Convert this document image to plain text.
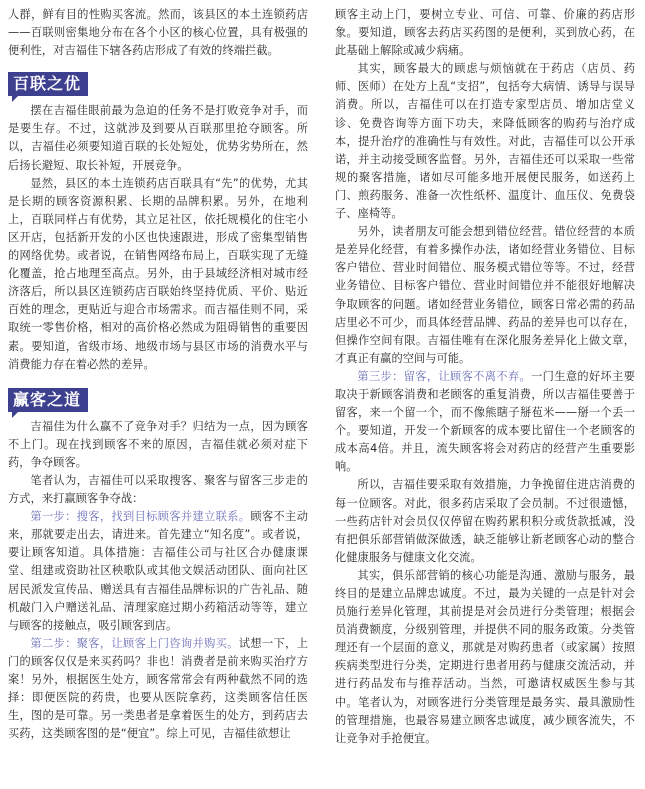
人群，鲜有目的性购买客流。然而，该县区的本土连锁药店——百联则密集地分布在各个小区的核心位置，具有极强的便利性，对吉福佳下辖各药店形成了有效的终端拦截。

百联之优

摆在吉福佳眼前最为急迫的任务不是打败竞争对手，而是要生存。不过，这就涉及到要从百联那里抢夺顾客。所以，吉福佳必须要知道百联的长处短处，优势劣势所在，然后扬长避短、取长补短，开展竞争。

显然，县区的本土连锁药店百联具有“先”的优势，尤其是长期的顾客资源积累、长期的品牌积累。另外，在地利上，百联同样占有优势，其立足社区，依托规模化的住宅小区开店，包括新开发的小区也快速跟进，形成了密集型销售的网络优势。或者说，在销售网络布局上，百联实现了无缝化覆盖，抢占地理至高点。另外，由于县域经济相对城市经济落后，所以县区连锁药店百联始终坚持优质、平价、贴近百姓的理念，更贴近与迎合市场需求。而吉福佳则不同，采取统一零售价格，相对的高价格必然成为阻碍销售的重要因素。要知道，省级市场、地级市场与县区市场的消费水平与消费能力存在着必然的差异。

赢客之道

吉福佳为什么赢不了竞争对手？归结为一点，因为顾客不上门。现在找到顾客不来的原因，吉福佳就必须对症下药，争夺顾客。

笔者认为，吉福佳可以采取搜客、聚客与留客三步走的方式，来打赢顾客争夺战：

第一步：搜客，找到目标顾客并建立联系。顾客不主动来，那就要走出去，请进来。首先建立“知名度”。或者说，要让顾客知道。具体措施：吉福佳公司与社区合办健康课堂、组建或资助社区秧歌队或其他文娱活动团队、面向社区居民派发宣传品、赠送具有吉福佳品牌标识的广告礼品、随机敲门入户赠送礼品、清理家庭过期小药箱活动等等，建立与顾客的接触点，吸引顾客到店。

第二步：聚客，让顾客上门咨询并购买。试想一下，上门的顾客仅仅是来买药吗？非也！消费者是前来购买治疗方案！另外，根据医生处方，顾客常常会有两种截然不同的选择：即便医院的药贵，也要从医院拿药，这类顾客信任医生，图的是可靠。另一类患者是拿着医生的处方，到药店去买药，这类顾客图的是“便宜”。综上可见，吉福佳欲想让

顾客主动上门，要树立专业、可信、可靠、价廉的药店形象。要知道，顾客去药店买药图的是便利，买到放心药，在此基础上解除或减少病痛。

其实，顾客最大的顾虑与烦恼就在于药店（店员、药师、医师）在处方上乱“支招”，包括夸大病情、诱导与误导消费。所以，吉福佳可以在打造专家型店员、增加店堂义诊、免费咨询等方面下功夫，来降低顾客的购药与治疗成本，提升治疗的准确性与有效性。对此，吉福佳可以公开承诺，并主动接受顾客监督。另外，吉福佳还可以采取一些常规的聚客措施，诸如尽可能多地开展便民服务，如送药上门、煎药服务、准备一次性纸杯、温度计、血压仪、免费袋子、座椅等。

另外，读者朋友可能会想到错位经营。错位经营的本质是差异化经营，有着多操作办法，诸如经营业务错位、目标客户错位、营业时间错位、服务模式错位等等。不过，经营业务错位、目标客户错位、营业时间错位并不能很好地解决争取顾客的问题。诸如经营业务错位，顾客日常必需的药品店里必不可少，而具体经营品牌、药品的差异也可以存在，但操作空间有限。吉福佳唯有在深化服务差异化上做文章，才真正有赢的空间与可能。

第三步：留客，让顾客不离不弃。一门生意的好坏主要取决于新顾客消费和老顾客的重复消费，所以吉福佳要善于留客，来一个留一个，而不像熊瞎子掰苞米——掰一个丢一个。要知道，开发一个新顾客的成本要比留住一个老顾客的成本高4倍。并且，流失顾客将会对药店的经营产生重要影响。

所以，吉福佳要采取有效措施，力争挽留住进店消费的每一位顾客。对此，很多药店采取了会员制。不过很遗憾，一些药店针对会员仅仅停留在购药累积积分或货款抵减，没有把俱乐部营销做深做透，缺乏能够让新老顾客心动的整合化健康服务与健康文化交流。

其实，俱乐部营销的核心功能是沟通、激励与服务，最终目的是建立品牌忠诚度。不过，最为关键的一点是针对会员施行差异化管理，其前提是对会员进行分类管理；根据会员消费额度，分级别管理，并提供不同的服务政策。分类管理还有一个层面的意义，那就是对购药患者（或家属）按照疾病类型进行分类，定期进行患者用药与健康交流活动，并进行药品发布与推荐活动。当然，可邀请权威医生参与其中。笔者认为，对顾客进行分类管理是最务实、最具激励性的管理措施，也最容易建立顾客忠诚度，减少顾客流失，不让竞争对手抢便宜。
